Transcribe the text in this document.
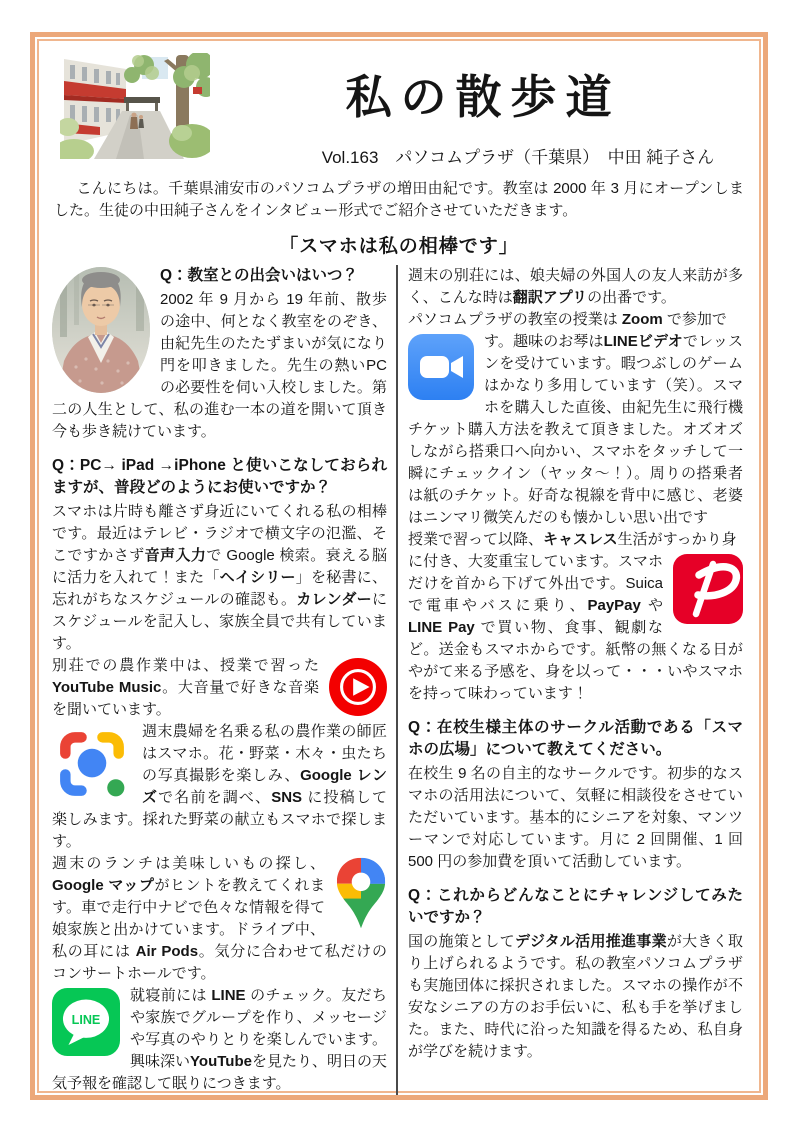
私の散歩道
Vol.163　パソコムプラザ（千葉県）　中田 純子さん

こんにちは。千葉県浦安市のパソコムプラザの増田由紀です。教室は 2000 年 3 月にオープンしました。生徒の中田純子さんをインタビュー形式でご紹介させていただきます。

「スマホは私の相棒です」
Q：教室との出会いはいつ？

2002 年 9 月から 19 年前、散歩の途中、何となく教室をのぞき、由紀先生のたたずまいが気になり門を叩きました。先生の熱いPCの必要性を伺い入校しました。第二の人生として、私の進む一本の道を開いて頂き今も歩き続けています。

Q：PC→ iPad →iPhone と使いこなしておられますが、普段どのようにお使いですか？

スマホは片時も離さず身近にいてくれる私の相棒です。最近はテレビ・ラジオで横文字の氾濫、そこですかさず音声入力で Google 検索。衰える脳に活力を入れて！また「ヘイシリー」を秘書に、忘れがちなスケジュールの確認も。カレンダーにスケジュールを記入し、家族全員で共有しています。

別荘での農作業中は、授業で習ったYouTube Music。大音量で好きな音楽を聞いています。

週末農婦を名乗る私の農作業の師匠はスマホ。花・野菜・木々・虫たちの写真撮影を楽しみ、Google レンズで名前を調べ、SNS に投稿して楽しみます。採れた野菜の献立もスマホで探します。

週末のランチは美味しいもの探し、Google マップがヒントを教えてくれます。車で走行中ナビで色々な情報を得て娘家族と出かけています。ドライブ中、私の耳には Air Pods。気分に合わせて私だけのコンサートホールです。

LINE
就寝前には LINE のチェック。友だちや家族でグループを作り、メッセージや写真のやりとりを楽しんでいます。興味深いYouTubeを見たり、明日の天気予報を確認して眠りにつきます。

週末の別荘には、娘夫婦の外国人の友人来訪が多く、こんな時は翻訳アプリの出番です。

パソコムプラザの教室の授業は Zoom で参加で

す。趣味のお琴はLINEビデオでレッスンを受けています。暇つぶしのゲームはかなり多用しています（笑）。スマホを購入した直後、由紀先生に飛行機チケット購入方法を教えて頂きました。オズオズしながら搭乗口へ向かい、スマホをタッチして一瞬にチェックイン（ヤッタ～！）。周りの搭乗者は紙のチケット。好奇な視線を背中に感じ、老婆はニンマリ微笑んだのも懐かしい思い出です

授業で習って以降、キャスレス生活がすっかり身

に付き、大変重宝しています。スマホだけを首から下げて外出です。Suica で電車やバスに乗り、PayPay や LINE Pay で買い物、食事、観劇など。送金もスマホからです。紙幣の無くなる日がやがて来る予感を、身を以って・・・いやスマホを持って味わっています！

Q：在校生様主体のサークル活動である「スマホの広場」について教えてください。

在校生 9 名の自主的なサークルです。初歩的なスマホの活用法について、気軽に相談役をさせていただいています。基本的にシニアを対象、マンツーマンで対応しています。月に 2 回開催、1 回 500 円の参加費を頂いて活動しています。

Q：これからどんなことにチャレンジしてみたいですか？

国の施策としてデジタル活用推進事業が大きく取り上げられるようです。私の教室パソコムプラザも実施団体に採択されました。スマホの操作が不安なシニアの方のお手伝いに、私も手を挙げました。また、時代に沿った知識を得るため、私自身が学びを続けます。
